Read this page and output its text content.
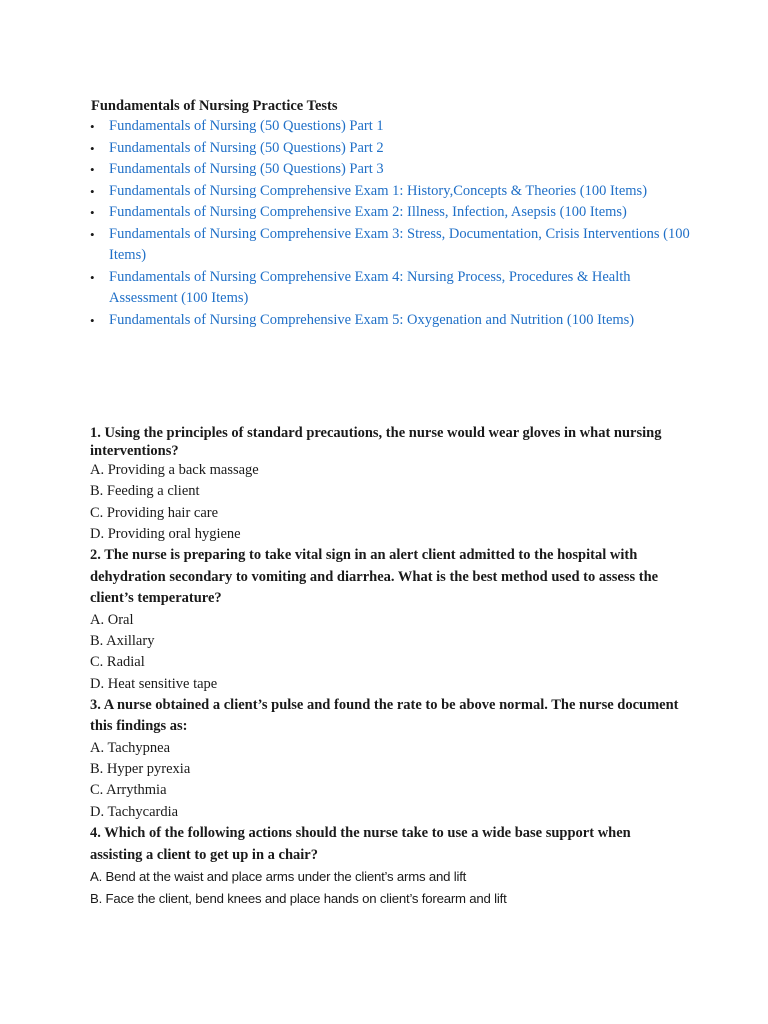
Fundamentals of Nursing Practice Tests
• Fundamentals of Nursing (50 Questions) Part 1
• Fundamentals of Nursing (50 Questions) Part 2
• Fundamentals of Nursing (50 Questions) Part 3
• Fundamentals of Nursing Comprehensive Exam 1: History,Concepts & Theories (100 Items)
• Fundamentals of Nursing Comprehensive Exam 2: Illness, Infection, Asepsis (100 Items)
• Fundamentals of Nursing Comprehensive Exam 3: Stress, Documentation, Crisis Interventions (100 Items)
• Fundamentals of Nursing Comprehensive Exam 4: Nursing Process, Procedures & Health Assessment (100 Items)
• Fundamentals of Nursing Comprehensive Exam 5: Oxygenation and Nutrition (100 Items)

1. Using the principles of standard precautions, the nurse would wear gloves in what nursing interventions?

A. Providing a back massage

B. Feeding a client

C. Providing hair care

D. Providing oral hygiene

2. The nurse is preparing to take vital sign in an alert client admitted to the hospital with dehydration secondary to vomiting and diarrhea. What is the best method used to assess the client’s temperature?

A. Oral

B. Axillary

C. Radial

D. Heat sensitive tape

3. A nurse obtained a client’s pulse and found the rate to be above normal. The nurse document this findings as:

A. Tachypnea

B. Hyper pyrexia

C. Arrythmia

D. Tachycardia

4. Which of the following actions should the nurse take to use a wide base support when assisting a client to get up in a chair?

A. Bend at the waist and place arms under the client’s arms and lift

B. Face the client, bend knees and place hands on client’s forearm and lift
